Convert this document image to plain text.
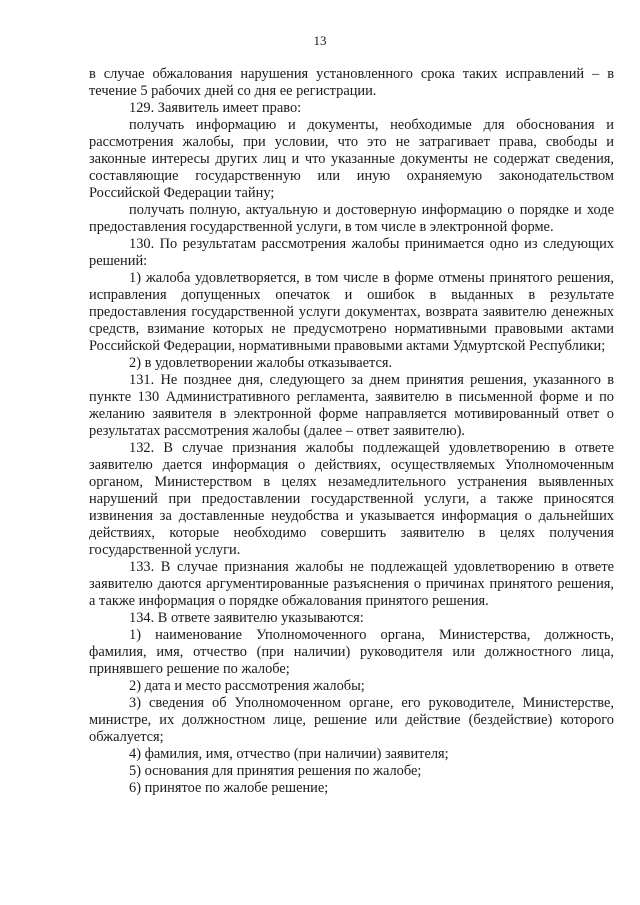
13

в случае обжалования нарушения установленного срока таких исправлений – в течение 5 рабочих дней со дня ее регистрации.

129. Заявитель имеет право:

получать информацию и документы, необходимые для обоснования и рассмотрения жалобы, при условии, что это не затрагивает права, свободы и законные интересы других лиц и что указанные документы не содержат сведения, составляющие государственную или иную охраняемую законодательством Российской Федерации тайну;

получать полную, актуальную и достоверную информацию о порядке и ходе предоставления государственной услуги, в том числе в электронной форме.

130. По результатам рассмотрения жалобы принимается одно из следующих решений:

1) жалоба удовлетворяется, в том числе в форме отмены принятого решения, исправления допущенных опечаток и ошибок в выданных в результате предоставления государственной услуги документах, возврата заявителю денежных средств, взимание которых не предусмотрено нормативными правовыми актами Российской Федерации, нормативными правовыми актами Удмуртской Республики;

2) в удовлетворении жалобы отказывается.

131. Не позднее дня, следующего за днем принятия решения, указанного в пункте 130 Административного регламента, заявителю в письменной форме и по желанию заявителя в электронной форме направляется мотивированный ответ о результатах рассмотрения жалобы (далее – ответ заявителю).

132. В случае признания жалобы подлежащей удовлетворению в ответе заявителю дается информация о действиях, осуществляемых Уполномоченным органом, Министерством в целях незамедлительного устранения выявленных нарушений при предоставлении государственной услуги, а также приносятся извинения за доставленные неудобства и указывается информация о дальнейших действиях, которые необходимо совершить заявителю в целях получения государственной услуги.

133. В случае признания жалобы не подлежащей удовлетворению в ответе заявителю даются аргументированные разъяснения о причинах принятого решения, а также информация о порядке обжалования принятого решения.

134. В ответе заявителю указываются:

1) наименование Уполномоченного органа, Министерства, должность, фамилия, имя, отчество (при наличии) руководителя или должностного лица, принявшего решение по жалобе;

2) дата и место рассмотрения жалобы;

3) сведения об Уполномоченном органе, его руководителе, Министерстве, министре, их должностном лице, решение или действие (бездействие) которого обжалуется;

4) фамилия, имя, отчество (при наличии) заявителя;

5) основания для принятия решения по жалобе;

6) принятое по жалобе решение;
